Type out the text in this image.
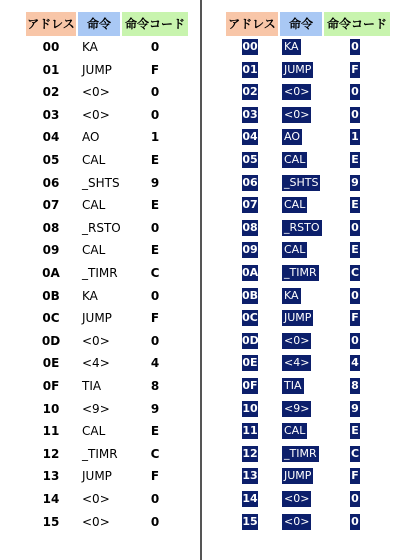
アドレス	命令	命令コード
00 KA	0
01 JUMP	F
02 <0>	0
03 <0>	0
04 AO	1
05 CAL	E
06 _SHTS	9
07 CAL	E
08 _RSTO	0
09 CAL	E
0A _TIMR	C
0B KA	0
0C JUMP	F
0D <0>	0
0E <4>	4
0F TIA	8
10 <9>	9
11 CAL	E
12 _TIMR	C
13 JUMP	F
14 <0>	0
15 <0>	0
アドレス	命令	命令コード
00 KA	0
01 JUMP	F
02 <0>	0
03 <0>	0
04 AO	1
05 CAL	E
06 _SHTS	9
07 CAL	E
08 _RSTO	0
09 CAL	E
0A _TIMR	C
0B KA	0
0C JUMP	F
0D <0>	0
0E <4>	4
0F TIA	8
10 <9>	9
11 CAL	E
12 _TIMR	C
13 JUMP	F
14 <0>	0
15 <0>	0
